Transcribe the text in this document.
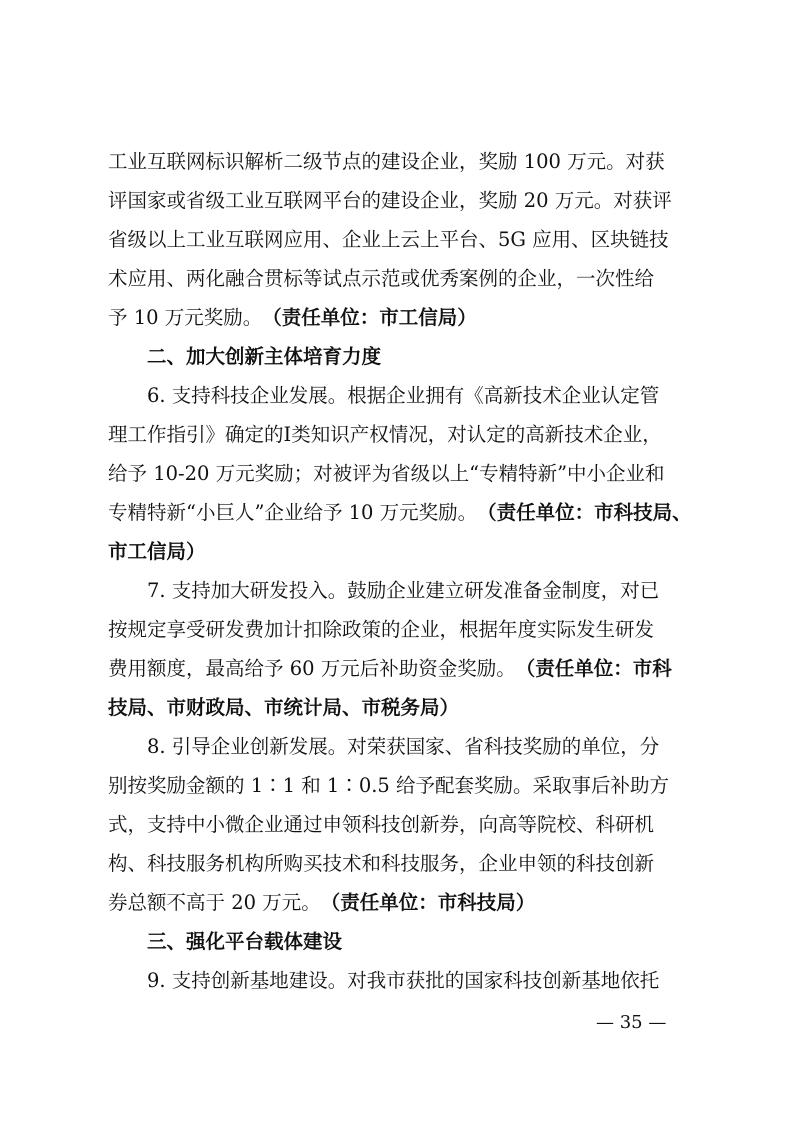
工业互联网标识解析二级节点的建设企业，奖励 100 万元。对获
评国家或省级工业互联网平台的建设企业，奖励 20 万元。对获评
省级以上工业互联网应用、企业上云上平台、5G 应用、区块链技
术应用、两化融合贯标等试点示范或优秀案例的企业，一次性给
予 10 万元奖励。 （责任单位：市工信局）
二、加大创新主体培育力度
6. 支持科技企业发展。根据企业拥有《高新技术企业认定管
理工作指引》确定的I类知识产权情况，对认定的高新技术企业，
给予 10-20 万元奖励；对被评为省级以上“专精特新”中小企业和
专精特新“小巨人”企业给予 10 万元奖励。 （责任单位：市科技局、
市工信局）
7. 支持加大研发投入。鼓励企业建立研发准备金制度，对已
按规定享受研发费加计扣除政策的企业，根据年度实际发生研发
费用额度，最高给予 60 万元后补助资金奖励。 （责任单位：市科
技局、市财政局、市统计局、市税务局）
8. 引导企业创新发展。对荣获国家、省科技奖励的单位，分
别按奖励金额的 1∶1 和 1∶0.5 给予配套奖励。采取事后补助方
式，支持中小微企业通过申领科技创新券，向高等院校、科研机
构、科技服务机构所购买技术和科技服务，企业申领的科技创新
券总额不高于 20 万元。 （责任单位：市科技局）
三、强化平台载体建设
9. 支持创新基地建设。对我市获批的国家科技创新基地依托
— 35 —
